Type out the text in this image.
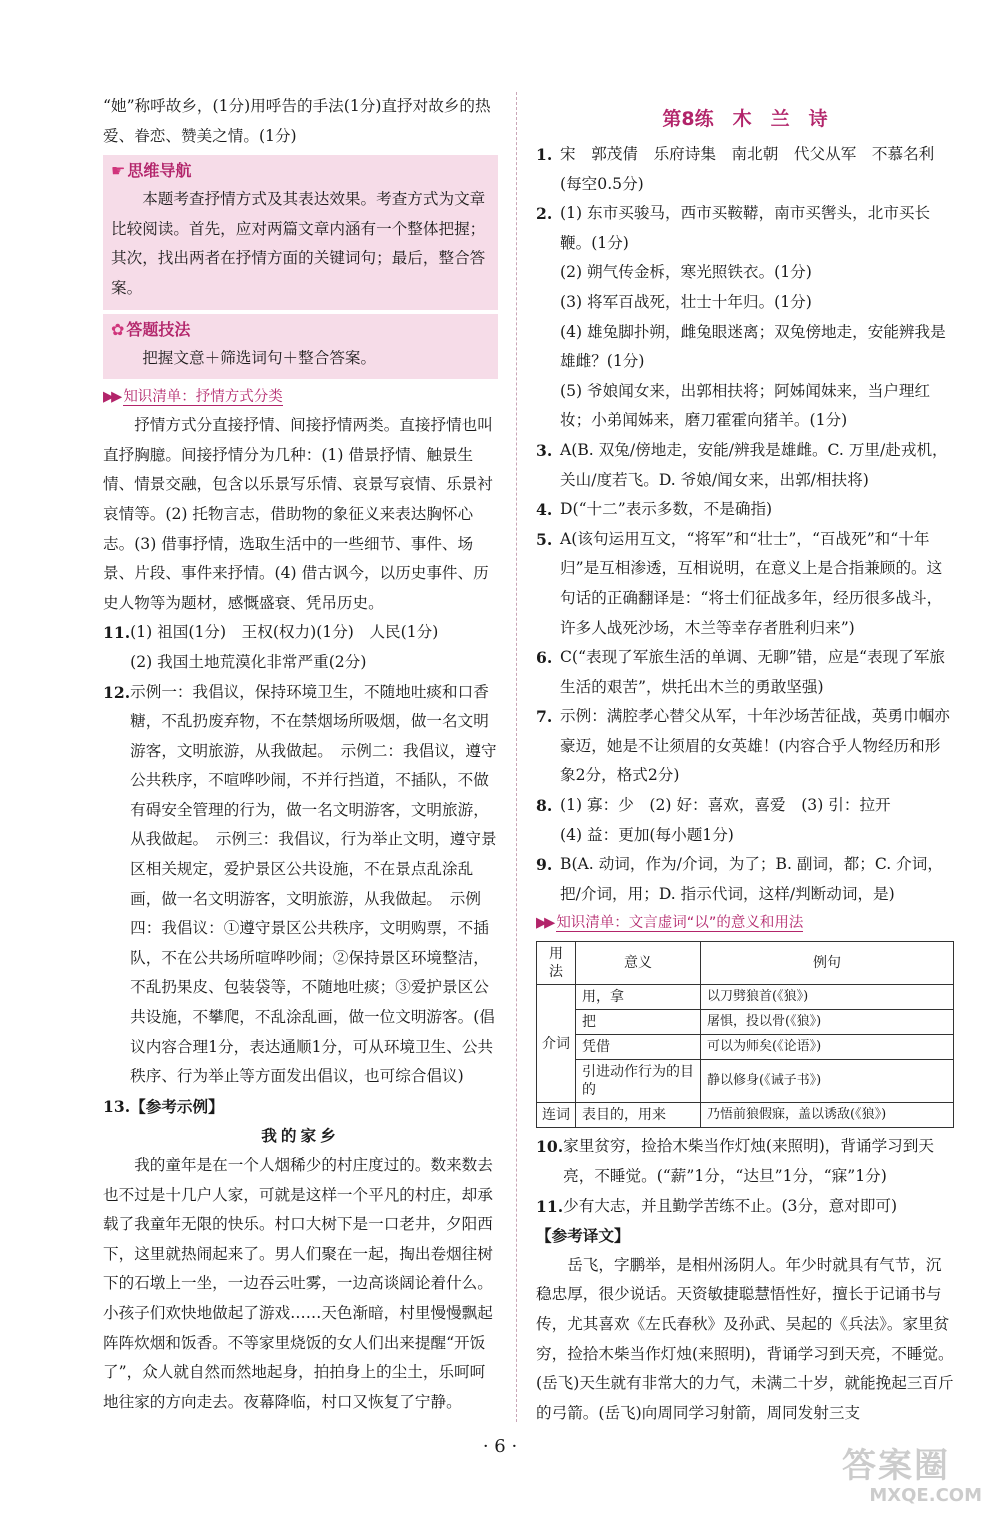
“她”称呼故乡，(1分)用呼告的手法(1分)直抒对故乡的热爱、眷恋、赞美之情。(1分)

☛ 思维导航

本题考查抒情方式及其表达效果。考查方式为文章比较阅读。首先，应对两篇文章内涵有一个整体把握；其次，找出两者在抒情方面的关键词句；最后，整合答案。

✿ 答题技法

把握文意＋筛选词句＋整合答案。

▶▶ 知识清单：抒情方式分类

抒情方式分直接抒情、间接抒情两类。直接抒情也叫直抒胸臆。间接抒情分为几种：(1) 借景抒情、触景生情、情景交融，包含以乐景写乐情、哀景写哀情、乐景衬哀情等。(2) 托物言志，借助物的象征义来表达胸怀心志。(3) 借事抒情，选取生活中的一些细节、事件、场景、片段、事件来抒情。(4) 借古讽今，以历史事件、历史人物等为题材，感慨盛衰、凭吊历史。

11. (1) 祖国(1分)　王权(权力)(1分)　人民(1分)

(2) 我国土地荒漠化非常严重(2分)

12. 示例一：我倡议，保持环境卫生，不随地吐痰和口香糖，不乱扔废弃物，不在禁烟场所吸烟，做一名文明游客，文明旅游，从我做起。　示例二：我倡议，遵守公共秩序，不喧哗吵闹，不并行挡道，不插队，不做有碍安全管理的行为，做一名文明游客，文明旅游，从我做起。　示例三：我倡议，行为举止文明，遵守景区相关规定，爱护景区公共设施，不在景点乱涂乱画，做一名文明游客，文明旅游，从我做起。　示例四：我倡议：①遵守景区公共秩序，文明购票，不插队，不在公共场所喧哗吵闹；②保持景区环境整洁，不乱扔果皮、包装袋等，不随地吐痰；③爱护景区公共设施，不攀爬，不乱涂乱画，做一位文明游客。(倡议内容合理1分，表达通顺1分，可从环境卫生、公共秩序、行为举止等方面发出倡议，也可综合倡议)

13. 【参考示例】

我的家乡

我的童年是在一个人烟稀少的村庄度过的。数来数去也不过是十几户人家，可就是这样一个平凡的村庄，却承载了我童年无限的快乐。村口大树下是一口老井，夕阳西下，这里就热闹起来了。男人们聚在一起，掏出卷烟往树下的石墩上一坐，一边吞云吐雾，一边高谈阔论着什么。小孩子们欢快地做起了游戏……天色渐暗，村里慢慢飘起阵阵炊烟和饭香。不等家里烧饭的女人们出来提醒“开饭了”，众人就自然而然地起身，拍拍身上的尘土，乐呵呵地往家的方向走去。夜幕降临，村口又恢复了宁静。

第8练　木　兰　诗
1. 宋　郭茂倩　乐府诗集　南北朝　代父从军　不慕名利(每空0.5分)

2. (1) 东市买骏马，西市买鞍鞯，南市买辔头，北市买长鞭。(1分)

(2) 朔气传金柝，寒光照铁衣。(1分)

(3) 将军百战死，壮士十年归。(1分)

(4) 雄兔脚扑朔，雌兔眼迷离；双兔傍地走，安能辨我是雄雌？(1分)

(5) 爷娘闻女来，出郭相扶将；阿姊闻妹来，当户理红妆；小弟闻姊来，磨刀霍霍向猪羊。(1分)

3. A(B. 双兔/傍地走，安能/辨我是雄雌。C. 万里/赴戎机，关山/度若飞。D. 爷娘/闻女来，出郭/相扶将)

4. D(“十二”表示多数，不是确指)

5. A(该句运用互文，“将军”和“壮士”，“百战死”和“十年归”是互相渗透，互相说明，在意义上是合指兼顾的。这句话的正确翻译是：“将士们征战多年，经历很多战斗，许多人战死沙场，木兰等幸存者胜利归来”)

6. C(“表现了军旅生活的单调、无聊”错，应是“表现了军旅生活的艰苦”，烘托出木兰的勇敢坚强)

7. 示例：满腔孝心替父从军，十年沙场苦征战，英勇巾帼亦豪迈，她是不让须眉的女英雄！(内容合乎人物经历和形象2分，格式2分)

8. (1) 寡：少　(2) 好：喜欢，喜爱　(3) 引：拉开

(4) 益：更加(每小题1分)

9. B(A. 动词，作为/介词，为了；B. 副词，都；C. 介词，把/介词，用；D. 指示代词，这样/判断动词，是)

▶▶ 知识清单：文言虚词“以”的意义和用法
用法	意义	例句
介词	用，拿	以刀劈狼首(《狼》)
	把	屠惧，投以骨(《狼》)
	凭借	可以为师矣(《论语》)
	引进动作行为的目的	静以修身(《诫子书》)
连词	表目的，用来	乃悟前狼假寐，盖以诱敌(《狼》)
10. 家里贫穷，捡拾木柴当作灯烛(来照明)，背诵学习到天亮，不睡觉。(“薪”1分，“达旦”1分，“寐”1分)

11. 少有大志，并且勤学苦练不止。(3分，意对即可)

【参考译文】

岳飞，字鹏举，是相州汤阴人。年少时就具有气节，沉稳忠厚，很少说话。天资敏捷聪慧悟性好，擅长于记诵书与传，尤其喜欢《左氏春秋》及孙武、吴起的《兵法》。家里贫穷，捡拾木柴当作灯烛(来照明)，背诵学习到天亮，不睡觉。(岳飞)天生就有非常大的力气，未满二十岁，就能挽起三百斤的弓箭。(岳飞)向周同学习射箭，周同发射三支

· 6 ·	答案圈
MXQE.COM
